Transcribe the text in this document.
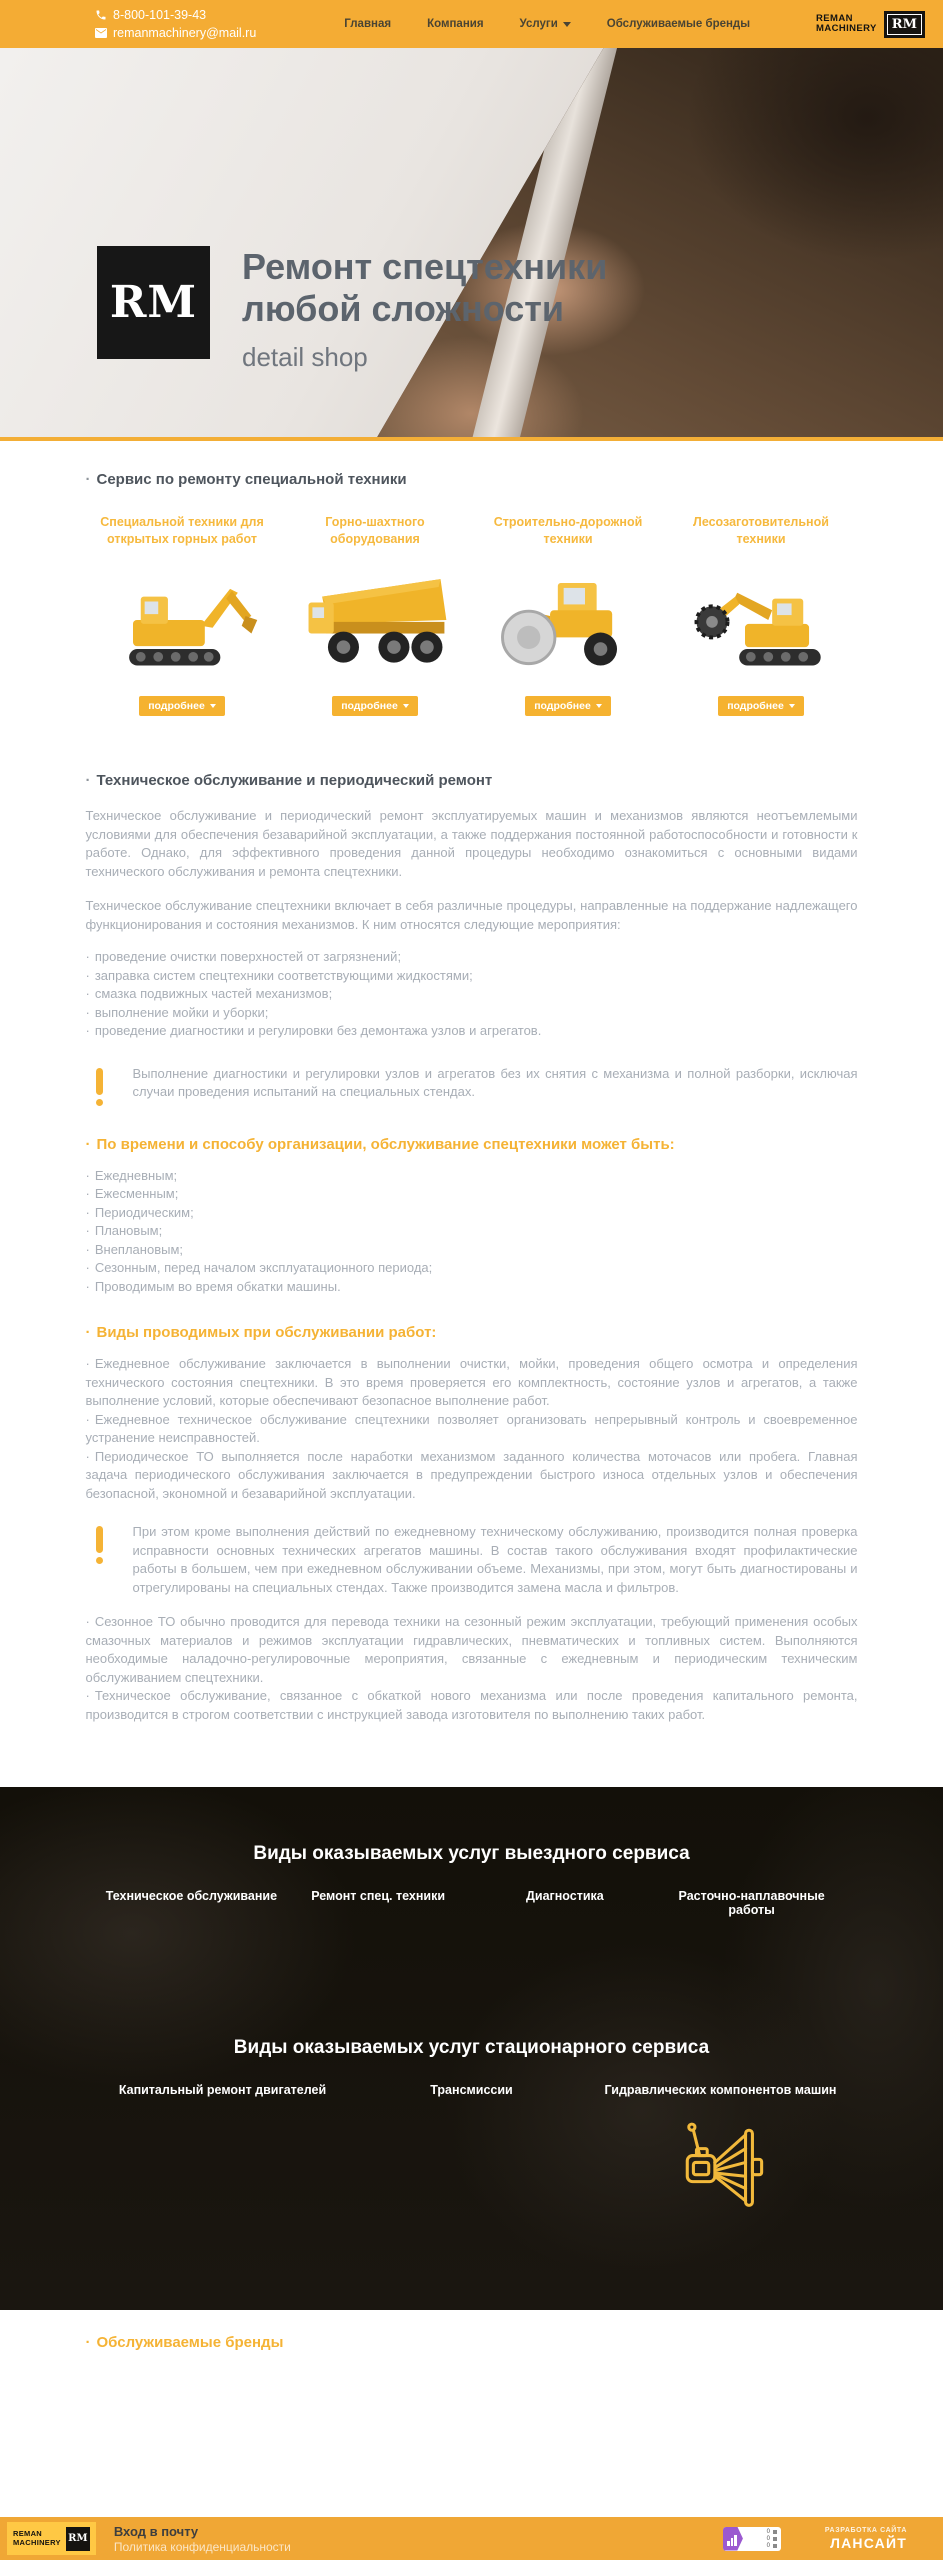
8-800-101-39-43
remanmachinery@mail.ru
Главная	Компания	Услуги	Обслуживаемые бренды	REMAN
MACHINERY	RM
RM
Ремонт спецтехники
любой сложности
detail shop
· Сервис по ремонту специальной техники
Специальной техники для открытых горных работ
подробнее
Горно-шахтного оборудования
подробнее
Строительно-дорожной техники
подробнее
Лесозаготовительной техники
подробнее
· Техническое обслуживание и периодический ремонт

Техническое обслуживание и периодический ремонт эксплуатируемых машин и механизмов являются неотъемлемыми условиями для обеспечения безаварийной эксплуатации, а также поддержания постоянной работоспособности и готовности к работе. Однако, для эффективного проведения данной процедуры необходимо ознакомиться с основными видами технического обслуживания и ремонта спецтехники.

Техническое обслуживание спецтехники включает в себя различные процедуры, направленные на поддержание надлежащего функционирования и состояния механизмов. К ним относятся следующие мероприятия:

· проведение очистки поверхностей от загрязнений;
· заправка систем спецтехники соответствующими жидкостями;
· смазка подвижных частей механизмов;
· выполнение мойки и уборки;
· проведение диагностики и регулировки без демонтажа узлов и агрегатов.

Выполнение диагностики и регулировки узлов и агрегатов без их снятия с механизма и полной разборки, исключая случаи проведения испытаний на специальных стендах.

· По времени и способу организации, обслуживание спецтехники может быть:
· Ежедневным;
· Ежесменным;
· Периодическим;
· Плановым;
· Внеплановым;
· Сезонным, перед началом эксплуатационного периода;
· Проводимым во время обкатки машины.
· Виды проводимых при обслуживании работ:
· Ежедневное обслуживание заключается в выполнении очистки, мойки, проведения общего осмотра и определения технического состояния спецтехники. В это время проверяется его комплектность, состояние узлов и агрегатов, а также выполнение условий, которые обеспечивают безопасное выполнение работ.
· Ежедневное техническое обслуживание спецтехники позволяет организовать непрерывный контроль и своевременное устранение неисправностей.
· Периодическое ТО выполняется после наработки механизмом заданного количества моточасов или пробега. Главная задача периодического обслуживания заключается в предупреждении быстрого износа отдельных узлов и обеспечения безопасной, экономной и безаварийной эксплуатации.

При этом кроме выполнения действий по ежедневному техническому обслуживанию, производится полная проверка исправности основных технических агрегатов машины. В состав такого обслуживания входят профилактические работы в большем, чем при ежедневном обслуживании объеме. Механизмы, при этом, могут быть диагностированы и отрегулированы на специальных стендах. Также производится замена масла и фильтров.

· Сезонное ТО обычно проводится для перевода техники на сезонный режим эксплуатации, требующий применения особых смазочных материалов и режимов эксплуатации гидравлических, пневматических и топливных систем. Выполняются необходимые наладочно-регулировочные мероприятия, связанные с ежедневным и периодическим техническим обслуживанием спецтехники.
· Техническое обслуживание, связанное с обкаткой нового механизма или после проведения капитального ремонта, производится в строгом соответствии с инструкцией завода изготовителя по выполнению таких работ.
Виды оказываемых услуг выездного сервиса
Техническое обслуживание	Ремонт спец. техники	Диагностика	Расточно-наплавочные работы
Виды оказываемых услуг стационарного сервиса
Капитальный ремонт двигателей	Трансмиссии	Гидравлических компонентов машин
· Обслуживаемые бренды
REMAN
MACHINERY RM Вход в почту
Политика конфиденциальности
0
0
0
РАЗРАБОТКА САЙТА
ЛАНСАЙТ
